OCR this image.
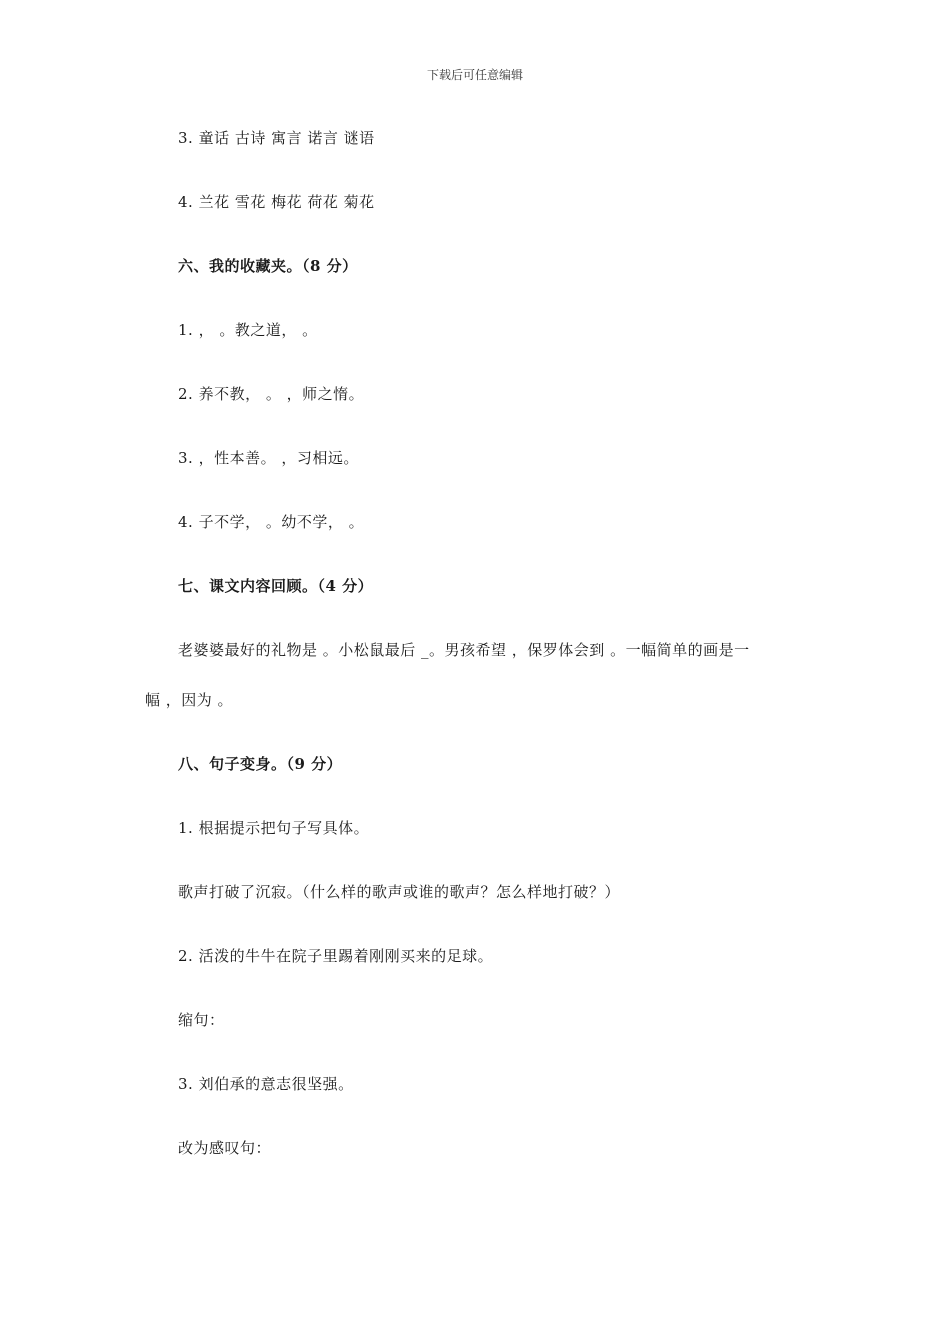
下载后可任意编辑
3. 童话 古诗 寓言 诺言 谜语
4. 兰花 雪花 梅花 荷花 菊花
六、我的收藏夹。（8 分）
1. ， 。教之道， 。
2. 养不教， 。 ，师之惰。
3. ，性本善。 ，习相远。
4. 子不学， 。幼不学， 。
七、课文内容回顾。（4 分）
老婆婆最好的礼物是 。小松鼠最后 _。男孩希望 ，保罗体会到 。一幅简单的画是一
幅 ，因为 。
八、句子变身。（9 分）
1. 根据提示把句子写具体。
歌声打破了沉寂。（什么样的歌声或谁的歌声？怎么样地打破？）
2. 活泼的牛牛在院子里踢着刚刚买来的足球。
缩句：
3. 刘伯承的意志很坚强。
改为感叹句：
